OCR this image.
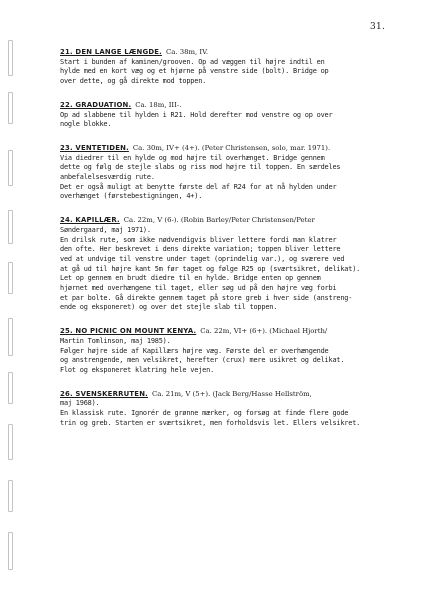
31.

21. DEN LANGE LÆNGDE. Ca. 38m, IV.
Start i bunden af kaminen/grooven. Op ad væggen til højre indtil en
hylde med en kort væg og et hjørne på venstre side (bolt). Bridge op
over dette, og gå direkte mod toppen.

22. GRADUATION. Ca. 18m, III-.
Op ad slabbene til hylden i R21. Hold derefter mod venstre og op over
nogle blokke.

23. VENTETIDEN. Ca. 30m, IV+ (4+). (Peter Christensen, solo, mar. 1971).
Via diedrer til en hylde og mod højre til overhænget. Bridge gennem
dette og følg de stejle slabs og riss mod højre til toppen. En særdeles
anbefalelsesværdig rute.
Det er også muligt at benytte første del af R24 for at nå hylden under
overhænget (førstebestigningen, 4+).

24. KAPILLÆR. Ca. 22m, V (6-). (Robin Barley/Peter Christensen/Peter
Søndergaard, maj 1971).
En drilsk rute, som ikke nødvendigvis bliver lettere fordi man klatrer
den ofte. Her beskrevet i dens direkte variation; toppen bliver lettere
ved at undvige til venstre under taget (oprindelig var.), og sværere ved
at gå ud til højre kant 5m før taget og følge R25 op (sværtsikret, delikat).
Let op gennem en brudt diedre til en hylde. Bridge enten op gennem
hjørnet med overhængene til taget, eller søg ud på den højre væg forbi
et par bolte. Gå direkte gennem taget på store greb i hver side (anstreng-
ende og eksponeret) og over det stejle slab til toppen.

25. NO PICNIC ON MOUNT KENYA. Ca. 22m, VI+ (6+). (Michael Hjorth/
Martin Tomlinson, maj 1985).
Følger højre side af Kapillærs højre væg. Første del er overhængende
og anstrengende, men velsikret, herefter (crux) mere usikret og delikat.
Flot og eksponeret klatring hele vejen.

26. SVENSKERRUTEN. Ca. 21m, V (5+). (Jack Berg/Hasse Hellström,
maj 1968).
En klassisk rute. Ignorér de grønne mærker, og forsøg at finde flere gode
trin og greb. Starten er sværtsikret, men forholdsvis let. Ellers velsikret.
